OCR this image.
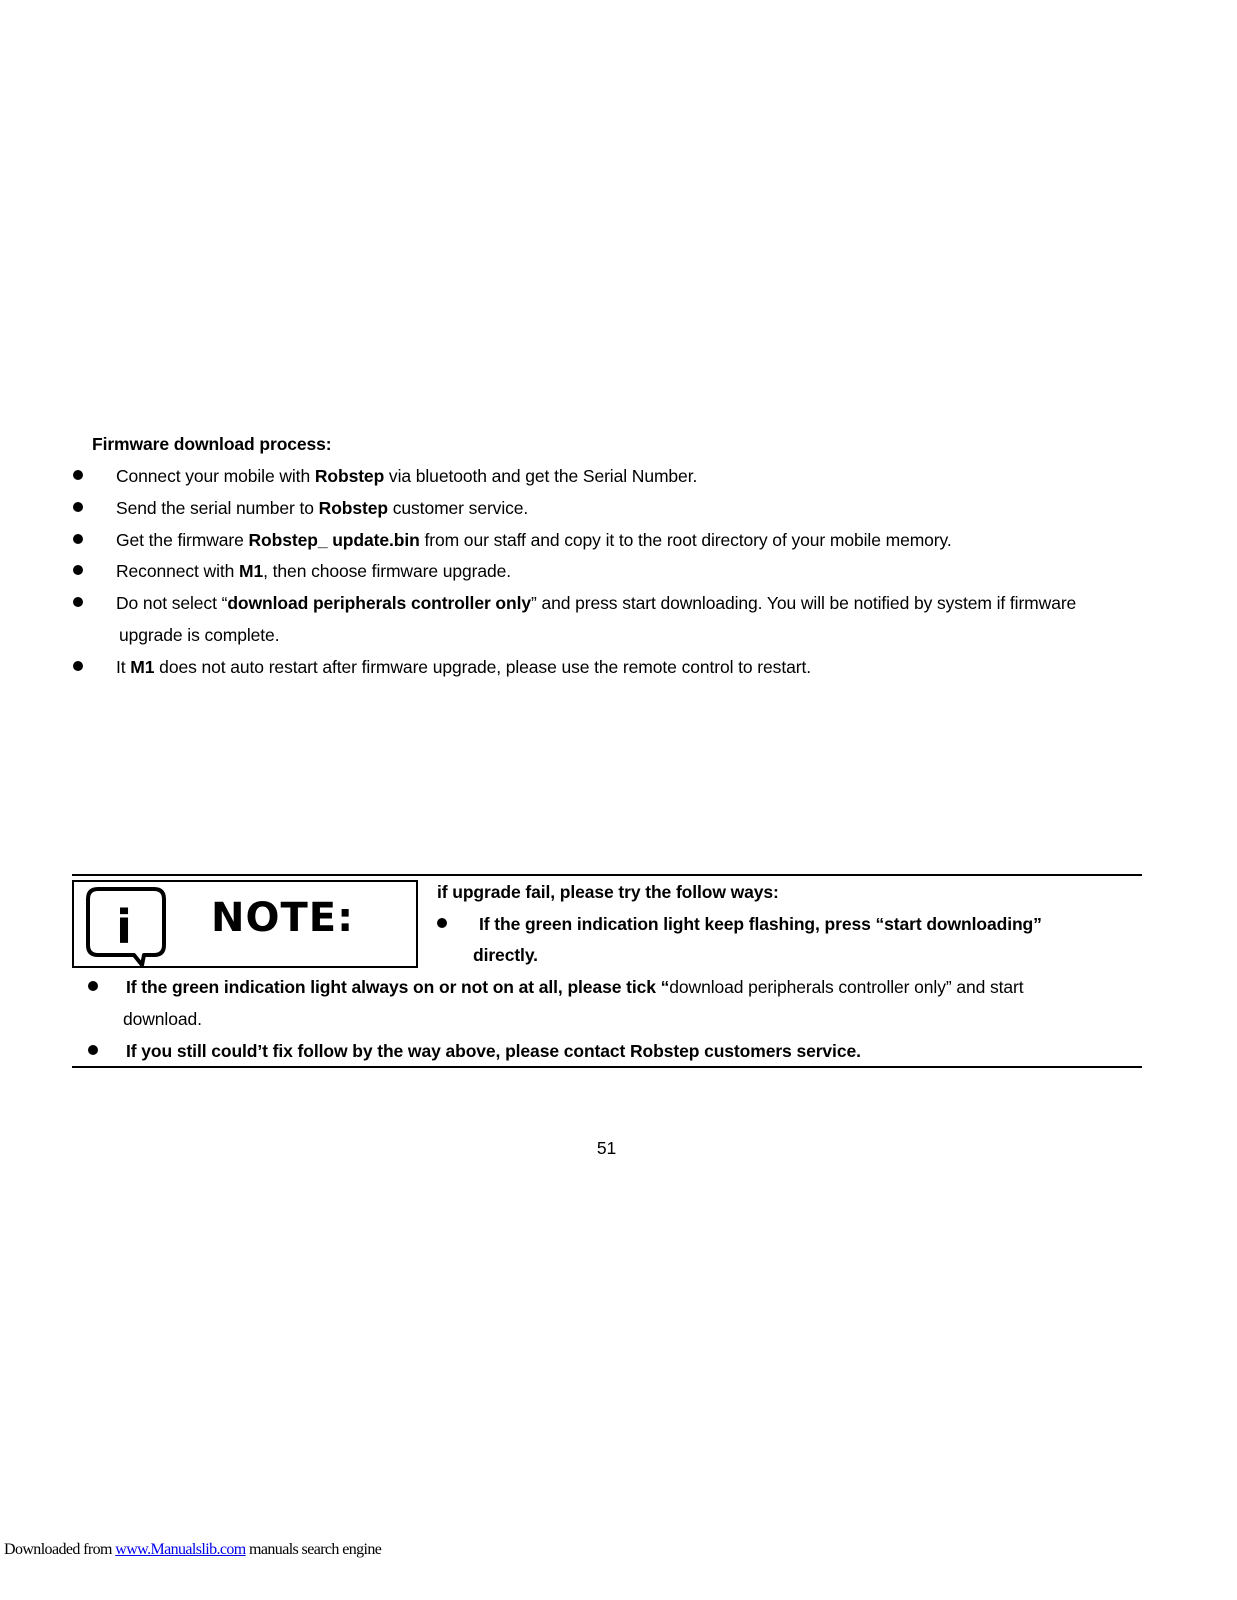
Firmware download process:
Connect your mobile with Robstep via bluetooth and get the Serial Number.
Send the serial number to Robstep customer service.
Get the firmware Robstep_ update.bin from our staff and copy it to the root directory of your mobile memory.
Reconnect with M1, then choose firmware upgrade.
Do not select “download peripherals controller only” and press start downloading. You will be notified by system if firmware
upgrade is complete.
It M1 does not auto restart after firmware upgrade, please use the remote control to restart.
i NOTE:
if upgrade fail, please try the follow ways:
If the green indication light keep flashing, press “start downloading”
directly.
If the green indication light always on or not on at all, please tick “download peripherals controller only” and start
download.
If you still could’t fix follow by the way above, please contact Robstep customers service.
51
Downloaded from www.Manualslib.com manuals search engine
